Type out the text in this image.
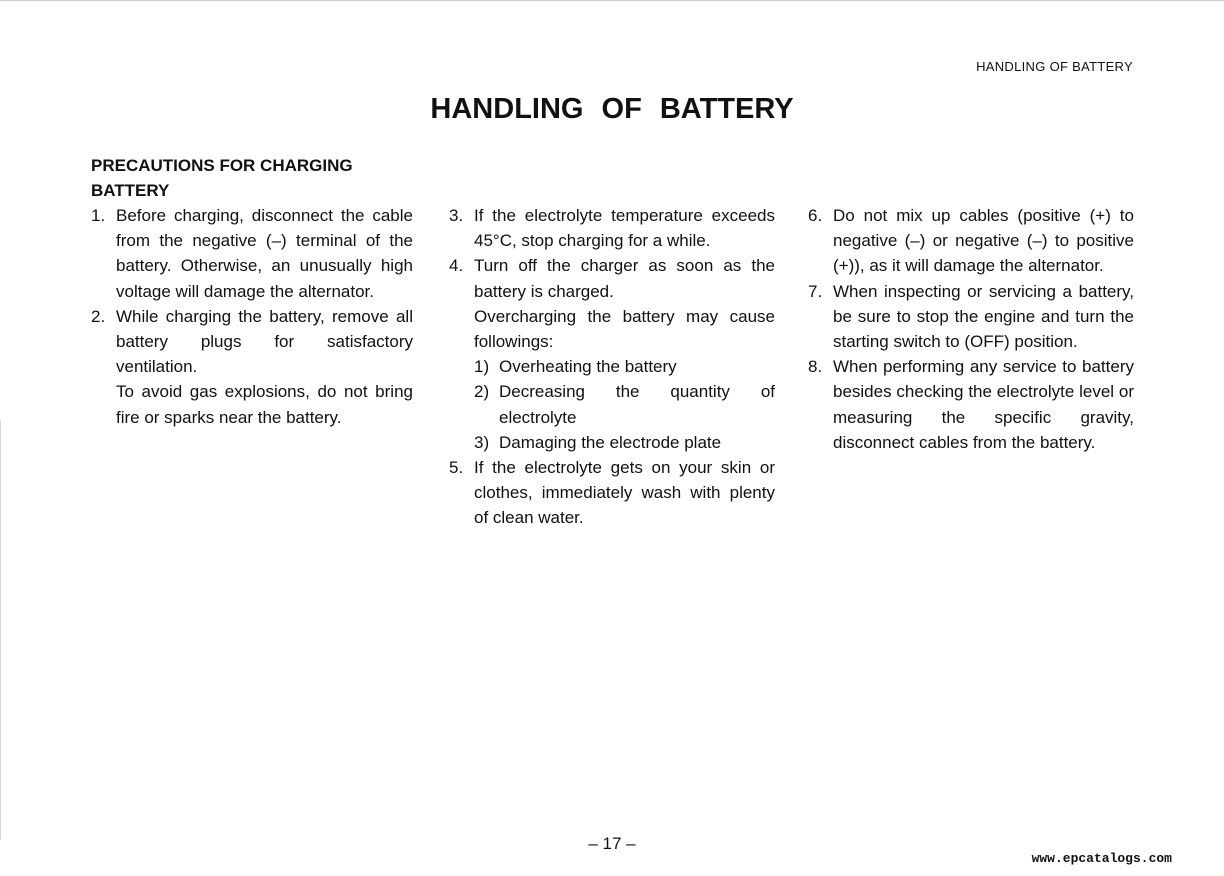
HANDLING OF BATTERY
HANDLING OF BATTERY
PRECAUTIONS FOR CHARGING
BATTERY
1. Before charging, disconnect the cable from the negative (–) terminal of the battery. Otherwise, an unusually high voltage will damage the alternator.

2. While charging the battery, remove all battery plugs for satisfactory ventilation.

To avoid gas explosions, do not bring fire or sparks near the battery.

3. If the electrolyte temperature exceeds 45°C, stop charging for a while.

4. Turn off the charger as soon as the battery is charged.

Overcharging the battery may cause followings:

1) Overheating the battery
2) Decreasing the quantity of electrolyte
3) Damaging the electrode plate
5. If the electrolyte gets on your skin or clothes, immediately wash with plenty of clean water.

6. Do not mix up cables (positive (+) to negative (–) or negative (–) to positive (+)), as it will damage the alternator.

7. When inspecting or servicing a battery, be sure to stop the engine and turn the starting switch to (OFF) position.

8. When performing any service to battery besides checking the electrolyte level or measuring the specific gravity, disconnect cables from the battery.

– 17 –
www.epcatalogs.com
